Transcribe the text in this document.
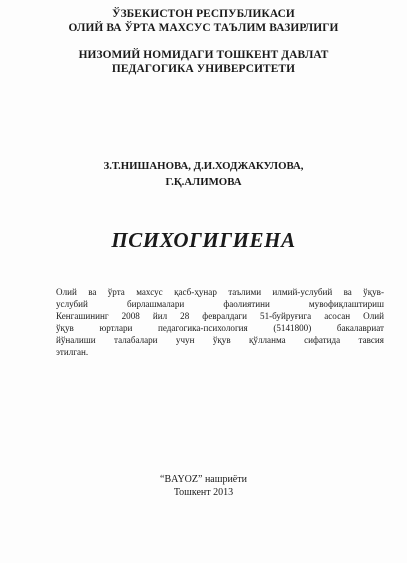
ЎЗБЕКИСТОН РЕСПУБЛИКАСИ
ОЛИЙ ВА ЎРТА МАХСУС ТАЪЛИМ ВАЗИРЛИГИ
НИЗОМИЙ НОМИДАГИ ТОШКЕНТ ДАВЛАТ
ПЕДАГОГИКА УНИВЕРСИТЕТИ
З.Т.НИШАНОВА, Д.И.ХОДЖАКУЛОВА,
Г.Қ.АЛИМОВА
ПСИХОГИГИЕНА
Олий ва ўрта махсус қасб-ҳунар таълими илмий-услубий ва ўқув-
услубий бирлашмалари фаолиятини мувофиқлаштириш
Кенгашининг 2008 йил 28 февралдаги 51-буйруғига асосан Олий
ўқув юртлари педагогика-психология (5141800) бакалавриат
йўналиши талабалари учун ўқув қўлланма сифатида тавсия
этилган.
“BAYOZ” нашриёти
Тошкент 2013
